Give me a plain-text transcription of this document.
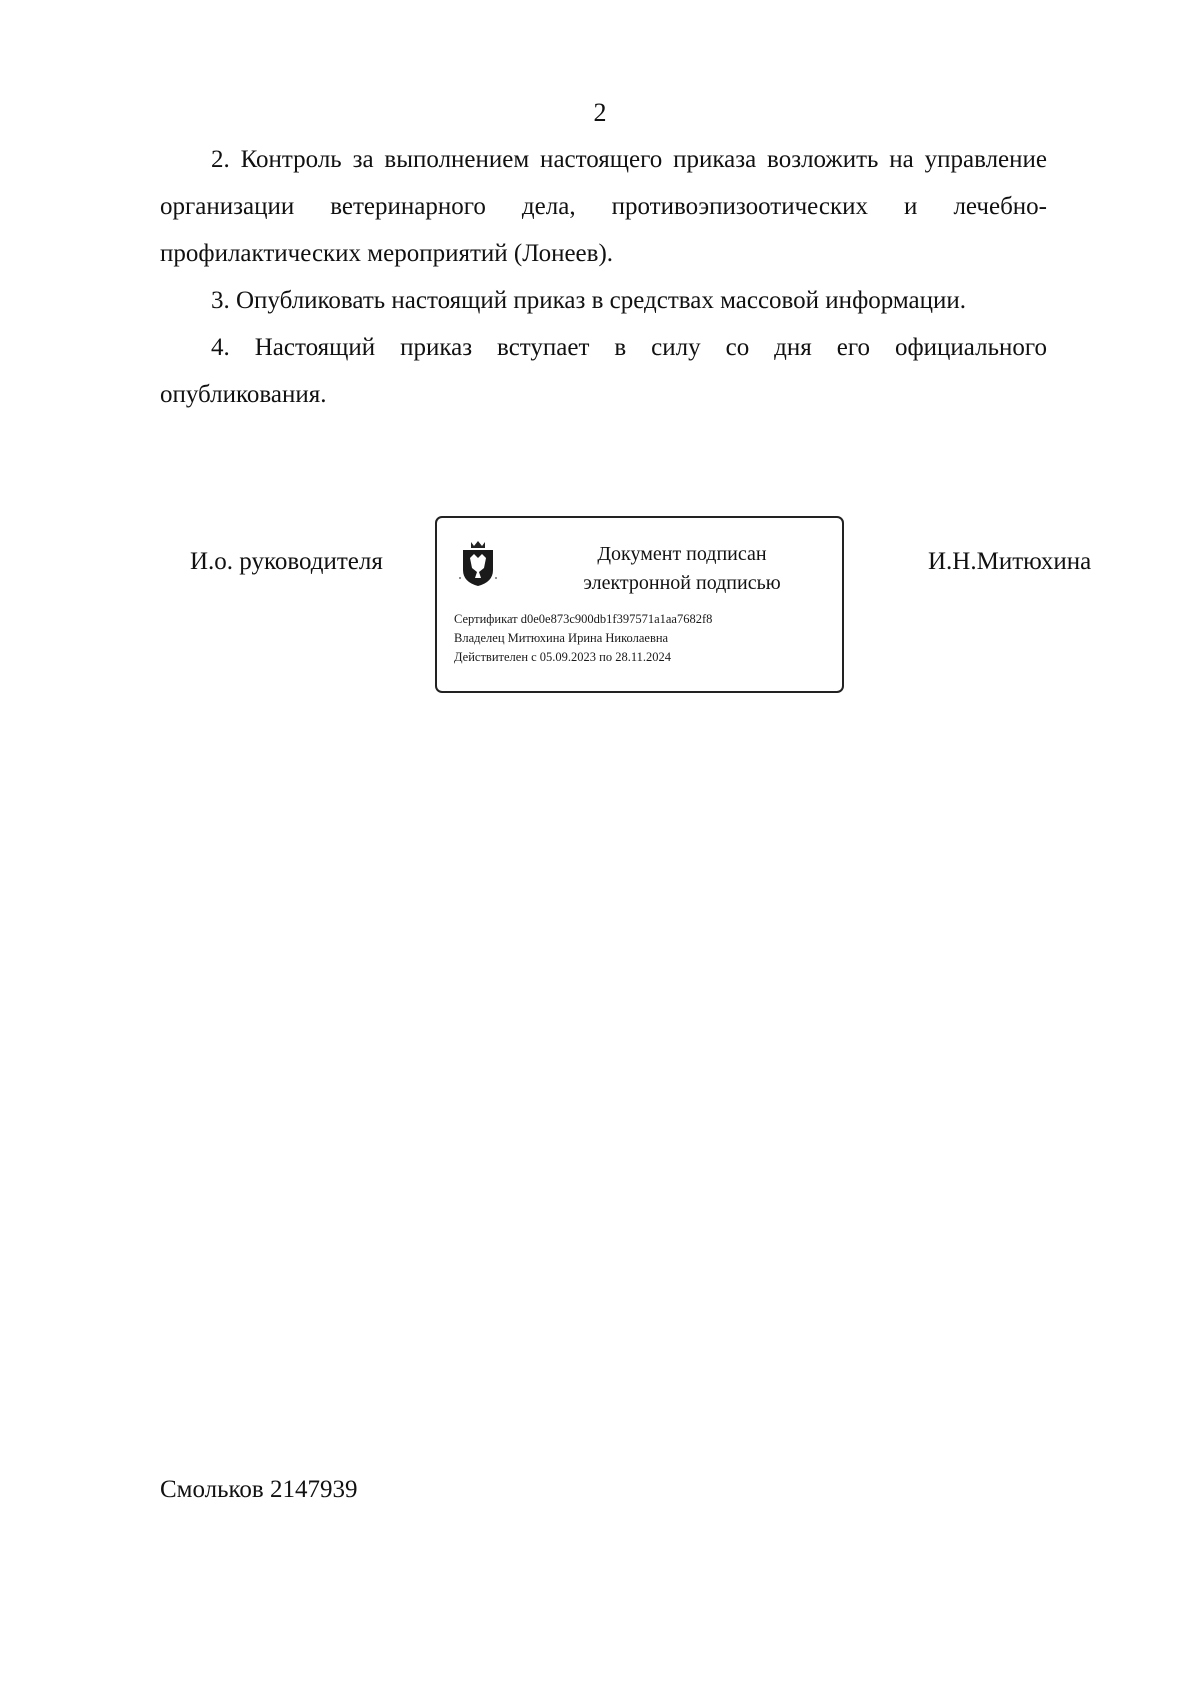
2

2. Контроль за выполнением настоящего приказа возложить на управление организации ветеринарного дела, противоэпизоотических и лечебно-профилактических мероприятий (Лонеев).

3. Опубликовать настоящий приказ в средствах массовой информации.

4. Настоящий приказ вступает в силу со дня его официального опубликования.

И.о. руководителя	Документ подписан
электронной подписью
Сертификат d0e0e873c900db1f397571a1aa7682f8
Владелец Митюхина Ирина Николаевна
Действителен с 05.09.2023 по 28.11.2024
И.Н.Митюхина
Смольков 2147939
